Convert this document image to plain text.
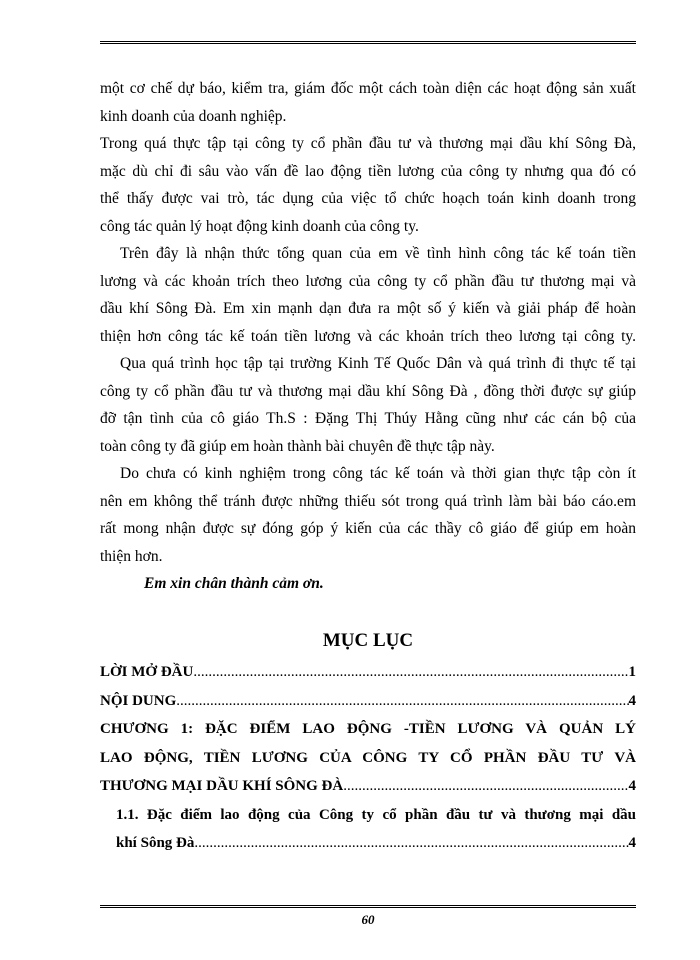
một cơ chế dự báo, kiểm tra, giám đốc một cách toàn diện các hoạt động sản xuất
kinh doanh của doanh nghiệp.
Trong quá thực tập tại công ty cổ phần đầu tư và thương mại dầu khí Sông Đà,
mặc dù chỉ đi sâu vào vấn đề lao động tiền lương của công ty nhưng qua đó có
thể thấy được vai trò, tác dụng của việc tổ chức hoạch toán kinh doanh trong
công tác quản lý hoạt động kinh doanh của công ty.
Trên đây là nhận thức tổng quan của em về tình hình công tác kế toán tiền
lương và các khoản trích theo lương của công ty cổ phần đầu tư thương mại và
dầu khí Sông Đà. Em xin mạnh dạn đưa ra một số ý kiến và giải pháp để hoàn
thiện hơn công tác kế toán tiền lương và các khoản trích theo lương tại công ty.
Qua quá trình học tập tại trường Kinh Tế Quốc Dân và quá trình đi thực tế tại
công ty cổ phần đầu tư và thương mại dầu khí Sông Đà , đồng thời được sự giúp
đỡ tận tình của cô giáo Th.S : Đặng Thị Thúy Hằng cũng như các cán bộ của
toàn công ty đã giúp em hoàn thành bài chuyên đề thực tập này.
Do chưa có kinh nghiệm trong công tác kế toán và thời gian thực tập còn ít
nên em không thể tránh được những thiếu sót trong quá trình làm bài báo cáo.em
rất mong nhận được sự đóng góp ý kiến của các thầy cô giáo để giúp em hoàn
thiện hơn.
Em xin chân thành cảm ơn.
MỤC LỤC
LỜI MỞ ĐẦU .....	1
NỘI DUNG .....	4
CHƯƠNG 1: ĐẶC ĐIỂM LAO ĐỘNG -TIỀN LƯƠNG VÀ QUẢN LÝ
LAO ĐỘNG, TIỀN LƯƠNG CỦA CÔNG TY CỔ PHẦN ĐẦU TƯ VÀ
THƯƠNG MẠI DẦU KHÍ SÔNG ĐÀ .....	4
1.1. Đặc điểm lao động của Công ty cổ phần đầu tư và thương mại dầu
khí Sông Đà .....	4
60
